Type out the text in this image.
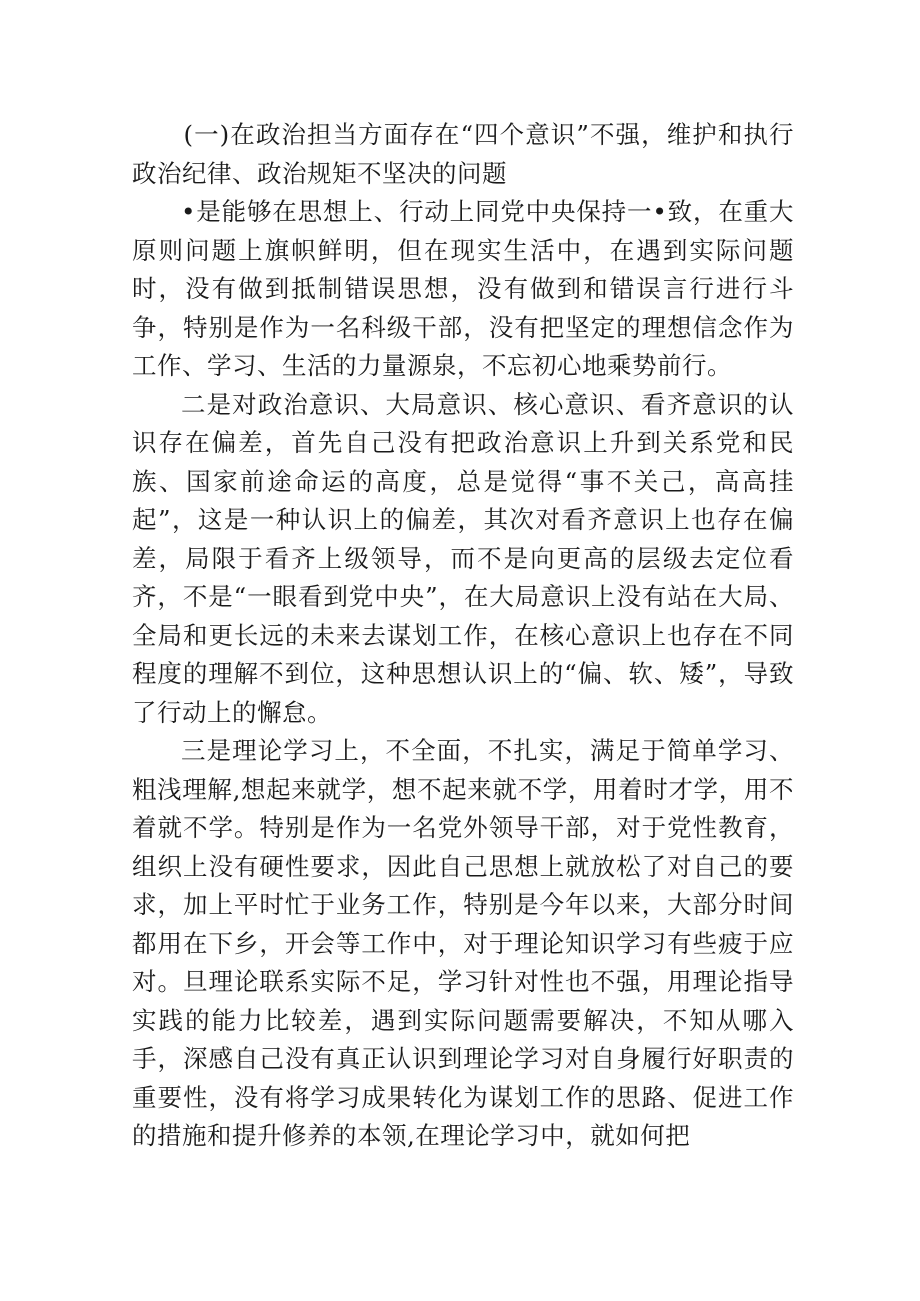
(一)在政治担当方面存在“四个意识”不强，维护和执行政治纪律、政治规矩不坚决的问题

•是能够在思想上、行动上同党中央保持一•致，在重大原则问题上旗帜鲜明，但在现实生活中，在遇到实际问题时，没有做到抵制错误思想，没有做到和错误言行进行斗争，特别是作为一名科级干部，没有把坚定的理想信念作为工作、学习、生活的力量源泉，不忘初心地乘势前行。

二是对政治意识、大局意识、核心意识、看齐意识的认识存在偏差，首先自己没有把政治意识上升到关系党和民族、国家前途命运的高度，总是觉得“事不关己，高高挂起”，这是一种认识上的偏差，其次对看齐意识上也存在偏差，局限于看齐上级领导，而不是向更高的层级去定位看齐，不是“一眼看到党中央”，在大局意识上没有站在大局、全局和更长远的未来去谋划工作，在核心意识上也存在不同程度的理解不到位，这种思想认识上的“偏、软、矮”，导致了行动上的懈怠。

三是理论学习上，不全面，不扎实，满足于简单学习、粗浅理解,想起来就学，想不起来就不学，用着时才学，用不着就不学。特别是作为一名党外领导干部，对于党性教育，组织上没有硬性要求，因此自己思想上就放松了对自己的要求，加上平时忙于业务工作，特别是今年以来，大部分时间都用在下乡，开会等工作中，对于理论知识学习有些疲于应对。旦理论联系实际不足，学习针对性也不强，用理论指导实践的能力比较差，遇到实际问题需要解决，不知从哪入手，深感自己没有真正认识到理论学习对自身履行好职责的重要性，没有将学习成果转化为谋划工作的思路、促进工作的措施和提升修养的本领,在理论学习中，就如何把
